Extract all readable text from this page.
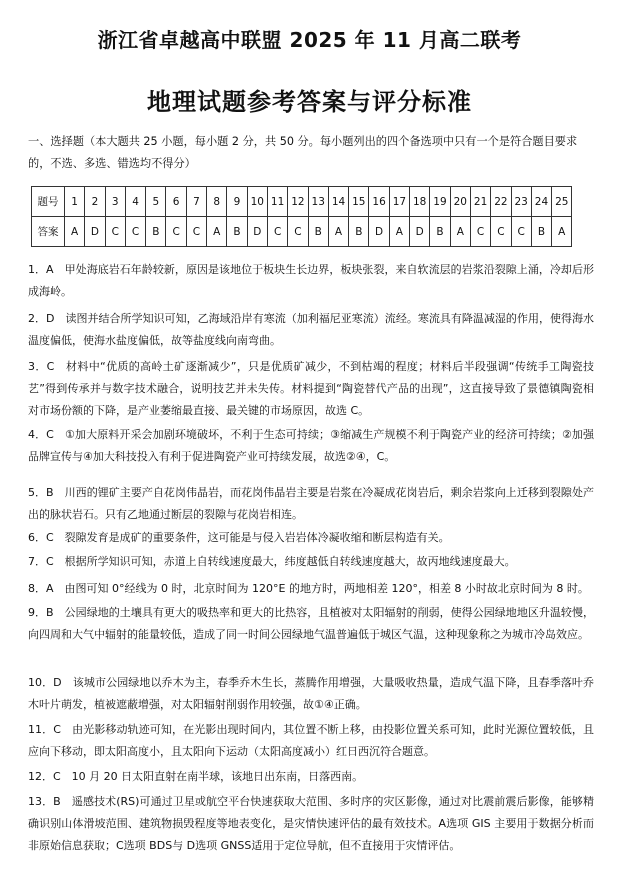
浙江省卓越高中联盟 2025 年 11 月高二联考
地理试题参考答案与评分标准
一、选择题（本大题共 25 小题，每小题 2 分，共 50 分。每小题列出的四个备选项中只有一个是符合题目要求的，不选、多选、错选均不得分）
题号	1	2	3	4	5	6	7	8	9	10	11	12	13	14	15	16	17	18	19	20	21	22	23	24	25
答案	A	D	C	C	B	C	C	A	B	D	C	C	B	A	B	D	A	D	B	A	C	C	C	B	A
1．A　甲处海底岩石年龄较新，原因是该地位于板块生长边界，板块张裂，来自软流层的岩浆沿裂隙上涌，冷却后形成海岭。
2．D　读图并结合所学知识可知，乙海域沿岸有寒流（加利福尼亚寒流）流经。寒流具有降温减湿的作用，使得海水温度偏低，使海水盐度偏低，故等盐度线向南弯曲。
3．C　材料中“优质的高岭土矿逐渐减少”，只是优质矿减少，不到枯竭的程度；材料后半段强调“传统手工陶瓷技艺”得到传承并与数字技术融合，说明技艺并未失传。材料提到“陶瓷替代产品的出现”，这直接导致了景德镇陶瓷相对市场份额的下降，是产业萎缩最直接、最关键的市场原因，故选 C。
4．C　①加大原料开采会加剧环境破坏，不利于生态可持续；③缩减生产规模不利于陶瓷产业的经济可持续；②加强品牌宣传与④加大科技投入有利于促进陶瓷产业可持续发展，故选②④，C。
5．B　川西的锂矿主要产自花岗伟晶岩，而花岗伟晶岩主要是岩浆在冷凝成花岗岩后，剩余岩浆向上迁移到裂隙处产出的脉状岩石。只有乙地通过断层的裂隙与花岗岩相连。
6．C　裂隙发育是成矿的重要条件，这可能是与侵入岩岩体冷凝收缩和断层构造有关。
7．C　根据所学知识可知，赤道上自转线速度最大，纬度越低自转线速度越大，故丙地线速度最大。
8．A　由图可知 0°经线为 0 时，北京时间为 120°E 的地方时，两地相差 120°，相差 8 小时故北京时间为 8 时。
9．B　公园绿地的土壤具有更大的吸热率和更大的比热容，且植被对太阳辐射的削弱，使得公园绿地地区升温较慢，向四周和大气中辐射的能量较低，造成了同一时间公园绿地气温普遍低于城区气温，这种现象称之为城市冷岛效应。
10．D　该城市公园绿地以乔木为主，春季乔木生长，蒸腾作用增强，大量吸收热量，造成气温下降，且春季落叶乔木叶片萌发，植被遮蔽增强，对太阳辐射削弱作用较强，故①④正确。
11．C　由光影移动轨迹可知，在光影出现时间内，其位置不断上移，由投影位置关系可知，此时光源位置较低，且应向下移动，即太阳高度小，且太阳向下运动（太阳高度减小）红日西沉符合题意。
12．C　10 月 20 日太阳直射在南半球，该地日出东南，日落西南。
13．B　遥感技术(RS)可通过卫星或航空平台快速获取大范围、多时序的灾区影像，通过对比震前震后影像，能够精确识别山体滑坡范围、建筑物损毁程度等地表变化，是灾情快速评估的最有效技术。A选项 GIS 主要用于数据分析而非原始信息获取；C选项 BDS与 D选项 GNSS适用于定位导航，但不直接用于灾情评估。
